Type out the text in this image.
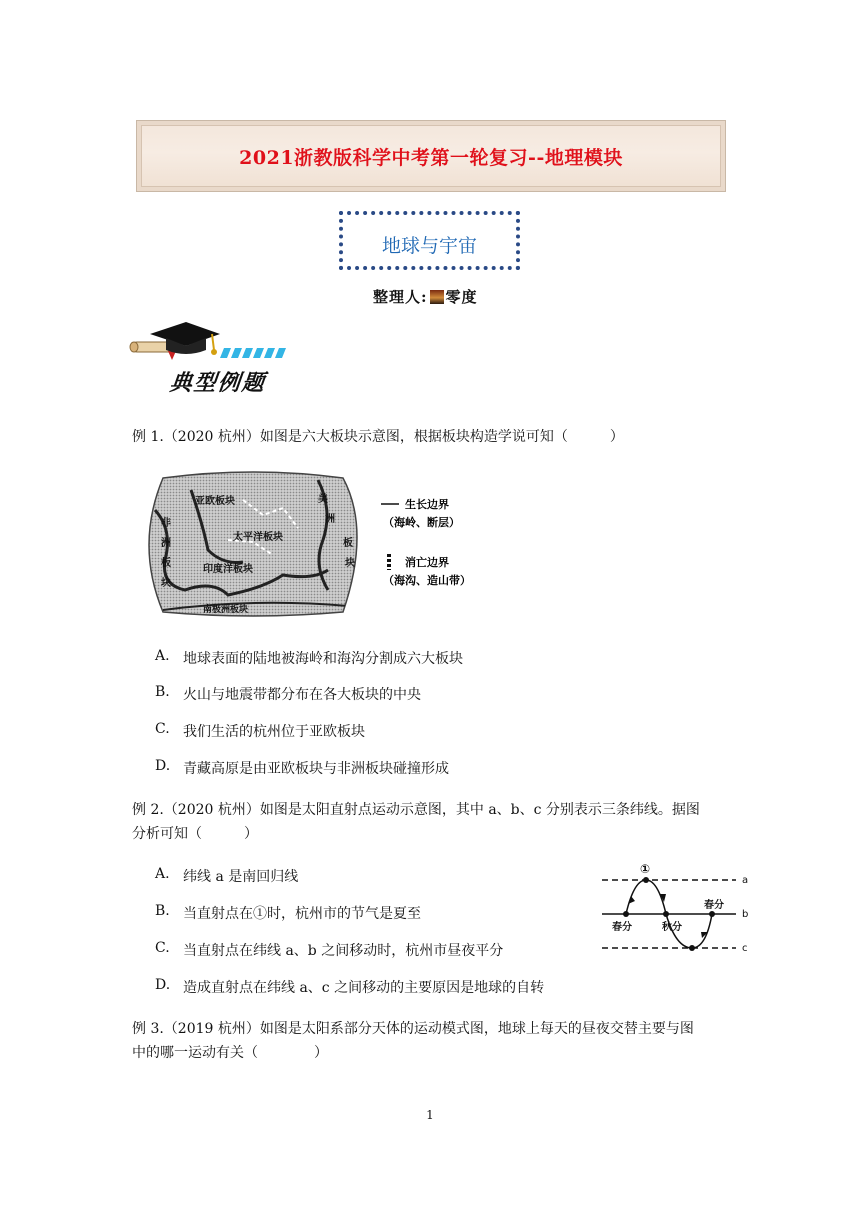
2021浙教版科学中考第一轮复习--地理模块
地球与宇宙
整理人: 零度
典型例题
例 1.（2020 杭州）如图是六大板块示意图，根据板块构造学说可知（　　　）
亚欧板块
非
洲
板
块
太平洋板块
印度洋板块
南极洲板块
美
洲
板
块
生长边界
（海岭、断层）
消亡边界
（海沟、造山带）
A. 地球表面的陆地被海岭和海沟分割成六大板块
B. 火山与地震带都分布在各大板块的中央
C. 我们生活的杭州位于亚欧板块
D. 青藏高原是由亚欧板块与非洲板块碰撞形成
例 2.（2020 杭州）如图是太阳直射点运动示意图，其中 a、b、c 分别表示三条纬线。据图
分析可知（　　　）
A. 纬线 a 是南回归线
B. 当直射点在①时，杭州市的节气是夏至
C. 当直射点在纬线 a、b 之间移动时，杭州市昼夜平分
D. 造成直射点在纬线 a、c 之间移动的主要原因是地球的自转
①
a
b
c
春分	秋分
春分
例 3.（2019 杭州）如图是太阳系部分天体的运动模式图，地球上每天的昼夜交替主要与图
中的哪一运动有关（　　　　）
1
